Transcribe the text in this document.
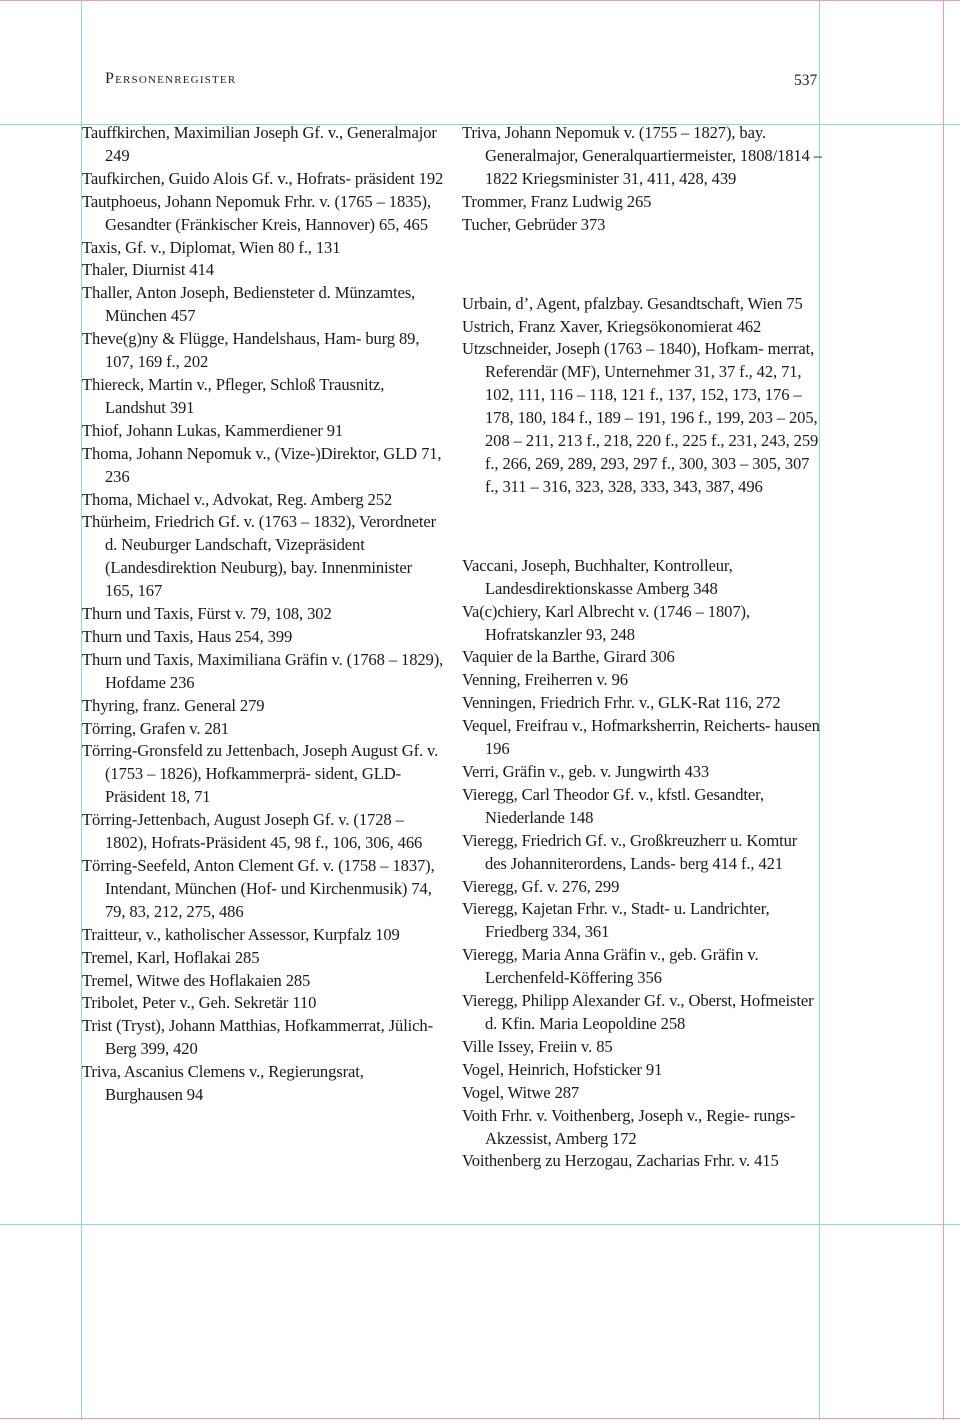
Personenregister	537

Tauffkirchen, Maximilian Joseph Gf. v., Generalmajor 249

Taufkirchen, Guido Alois Gf. v., Hofrats- präsident 192

Tautphoeus, Johann Nepomuk Frhr. v. (1765 – 1835), Gesandter (Fränkischer Kreis, Hannover) 65, 465

Taxis, Gf. v., Diplomat, Wien 80 f., 131

Thaler, Diurnist 414

Thaller, Anton Joseph, Bediensteter d. Münzamtes, München 457

Theve(g)ny & Flügge, Handelshaus, Ham- burg 89, 107, 169 f., 202

Thiereck, Martin v., Pfleger, Schloß Trausnitz, Landshut 391

Thiof, Johann Lukas, Kammerdiener 91

Thoma, Johann Nepomuk v., (Vize-)Direktor, GLD 71, 236

Thoma, Michael v., Advokat, Reg. Amberg 252

Thürheim, Friedrich Gf. v. (1763 – 1832), Verordneter d. Neuburger Landschaft, Vizepräsident (Landesdirektion Neuburg), bay. Innenminister 165, 167

Thurn und Taxis, Fürst v. 79, 108, 302

Thurn und Taxis, Haus 254, 399

Thurn und Taxis, Maximiliana Gräfin v. (1768 – 1829), Hofdame 236

Thyring, franz. General 279

Törring, Grafen v. 281

Törring-Gronsfeld zu Jettenbach, Joseph August Gf. v. (1753 – 1826), Hofkammerprä- sident, GLD-Präsident 18, 71

Törring-Jettenbach, August Joseph Gf. v. (1728 – 1802), Hofrats-Präsident 45, 98 f., 106, 306, 466

Törring-Seefeld, Anton Clement Gf. v. (1758 – 1837), Intendant, München (Hof- und Kirchenmusik) 74, 79, 83, 212, 275, 486

Traitteur, v., katholischer Assessor, Kurpfalz 109

Tremel, Karl, Hoflakai 285

Tremel, Witwe des Hoflakaien 285

Tribolet, Peter v., Geh. Sekretär 110

Trist (Tryst), Johann Matthias, Hofkammerrat, Jülich-Berg 399, 420

Triva, Ascanius Clemens v., Regierungsrat, Burghausen 94

Triva, Johann Nepomuk v. (1755 – 1827), bay. Generalmajor, Generalquartiermeister, 1808/1814 – 1822 Kriegsminister 31, 411, 428, 439

Trommer, Franz Ludwig 265

Tucher, Gebrüder 373

Urbain, d’, Agent, pfalzbay. Gesandtschaft, Wien 75

Ustrich, Franz Xaver, Kriegsökonomierat 462

Utzschneider, Joseph (1763 – 1840), Hofkam- merrat, Referendär (MF), Unternehmer 31, 37 f., 42, 71, 102, 111, 116 – 118, 121 f., 137, 152, 173, 176 – 178, 180, 184 f., 189 – 191, 196 f., 199, 203 – 205, 208 – 211, 213 f., 218, 220 f., 225 f., 231, 243, 259 f., 266, 269, 289, 293, 297 f., 300, 303 – 305, 307 f., 311 – 316, 323, 328, 333, 343, 387, 496

Vaccani, Joseph, Buchhalter, Kontrolleur, Landesdirektionskasse Amberg 348

Va(c)chiery, Karl Albrecht v. (1746 – 1807), Hofratskanzler 93, 248

Vaquier de la Barthe, Girard 306

Venning, Freiherren v. 96

Venningen, Friedrich Frhr. v., GLK-Rat 116, 272

Vequel, Freifrau v., Hofmarksherrin, Reicherts- hausen 196

Verri, Gräfin v., geb. v. Jungwirth 433

Vieregg, Carl Theodor Gf. v., kfstl. Gesandter, Niederlande 148

Vieregg, Friedrich Gf. v., Großkreuzherr u. Komtur des Johanniterordens, Lands- berg 414 f., 421

Vieregg, Gf. v. 276, 299

Vieregg, Kajetan Frhr. v., Stadt- u. Landrichter, Friedberg 334, 361

Vieregg, Maria Anna Gräfin v., geb. Gräfin v. Lerchenfeld-Köffering 356

Vieregg, Philipp Alexander Gf. v., Oberst, Hofmeister d. Kfin. Maria Leopoldine 258

Ville Issey, Freiin v. 85

Vogel, Heinrich, Hofsticker 91

Vogel, Witwe 287

Voith Frhr. v. Voithenberg, Joseph v., Regie- rungs-Akzessist, Amberg 172

Voithenberg zu Herzogau, Zacharias Frhr. v. 415
